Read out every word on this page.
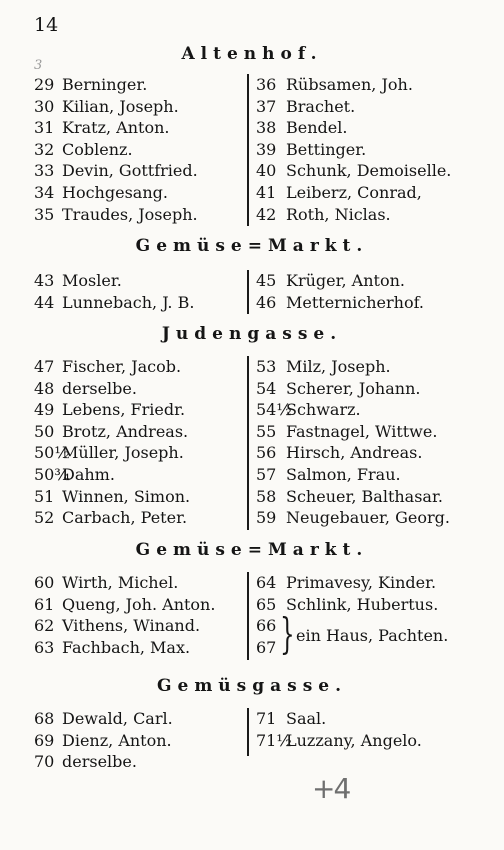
14
3
Altenhof.
29 Berninger.
30 Kilian, Joseph.
31 Kratz, Anton.
32 Coblenz.
33 Devin, Gottfried.
34 Hochgesang.
35 Traudes, Joseph.
36 Rübsamen, Joh.
37 Brachet.
38 Bendel.
39 Bettinger.
40 Schunk, Demoiselle.
41 Leiberz, Conrad,
42 Roth, Niclas.
Gemüse=Markt.
43 Mosler.
44 Lunnebach, J. B.
45 Krüger, Anton.
46 Metternicherhof.
Judengasse.
47 Fischer, Jacob.
48 derselbe.
49 Lebens, Friedr.
50 Brotz, Andreas.
50½Müller, Joseph.
50¾Dahm.
51 Winnen, Simon.
52 Carbach, Peter.
53 Milz, Joseph.
54 Scherer, Johann.
54½Schwarz.
55 Fastnagel, Wittwe.
56 Hirsch, Andreas.
57 Salmon, Frau.
58 Scheuer, Balthasar.
59 Neugebauer, Georg.
Gemüse=Markt.
60 Wirth, Michel.
61 Queng, Joh. Anton.
62 Vithens, Winand.
63 Fachbach, Max.
64 Primavesy, Kinder.
65 Schlink, Hubertus.
66
67 } ein Haus, Pachten.
Gemüsgasse.
68 Dewald, Carl.
69 Dienz, Anton.
70 derselbe.
71 Saal.
71½Luzzany, Angelo.
+4
